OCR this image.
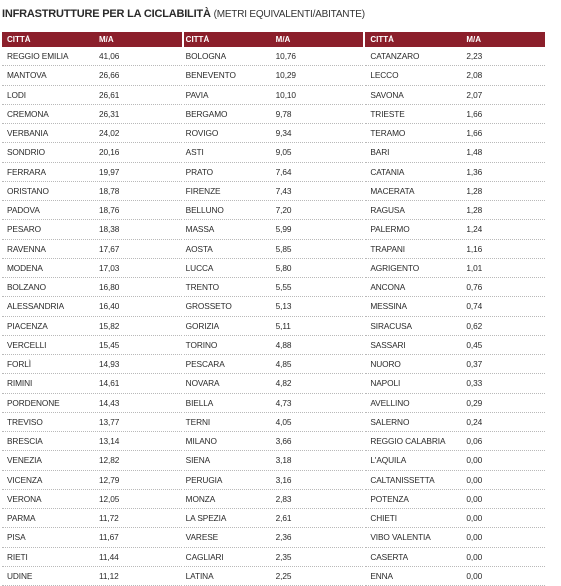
INFRASTRUTTURE PER LA CICLABILITÀ (METRI EQUIVALENTI/ABITANTE)
CITTÀ	M/A
REGGIO EMILIA	41,06
MANTOVA	26,66
LODI	26,61
CREMONA	26,31
VERBANIA	24,02
SONDRIO	20,16
FERRARA	19,97
ORISTANO	18,78
PADOVA	18,76
PESARO	18,38
RAVENNA	17,67
MODENA	17,03
BOLZANO	16,80
ALESSANDRIA	16,40
PIACENZA	15,82
VERCELLI	15,45
FORLÌ	14,93
RIMINI	14,61
PORDENONE	14,43
TREVISO	13,77
BRESCIA	13,14
VENEZIA	12,82
VICENZA	12,79
VERONA	12,05
PARMA	11,72
PISA	11,67
RIETI	11,44
UDINE	11,12
CITTÀ	M/A
BOLOGNA	10,76
BENEVENTO	10,29
PAVIA	10,10
BERGAMO	9,78
ROVIGO	9,34
ASTI	9,05
PRATO	7,64
FIRENZE	7,43
BELLUNO	7,20
MASSA	5,99
AOSTA	5,85
LUCCA	5,80
TRENTO	5,55
GROSSETO	5,13
GORIZIA	5,11
TORINO	4,88
PESCARA	4,85
NOVARA	4,82
BIELLA	4,73
TERNI	4,05
MILANO	3,66
SIENA	3,18
PERUGIA	3,16
MONZA	2,83
LA SPEZIA	2,61
VARESE	2,36
CAGLIARI	2,35
LATINA	2,25
CITTÀ	M/A
CATANZARO	2,23
LECCO	2,08
SAVONA	2,07
TRIESTE	1,66
TERAMO	1,66
BARI	1,48
CATANIA	1,36
MACERATA	1,28
RAGUSA	1,28
PALERMO	1,24
TRAPANI	1,16
AGRIGENTO	1,01
ANCONA	0,76
MESSINA	0,74
SIRACUSA	0,62
SASSARI	0,45
NUORO	0,37
NAPOLI	0,33
AVELLINO	0,29
SALERNO	0,24
REGGIO CALABRIA	0,06
L'AQUILA	0,00
CALTANISSETTA	0,00
POTENZA	0,00
CHIETI	0,00
VIBO VALENTIA	0,00
CASERTA	0,00
ENNA	0,00
